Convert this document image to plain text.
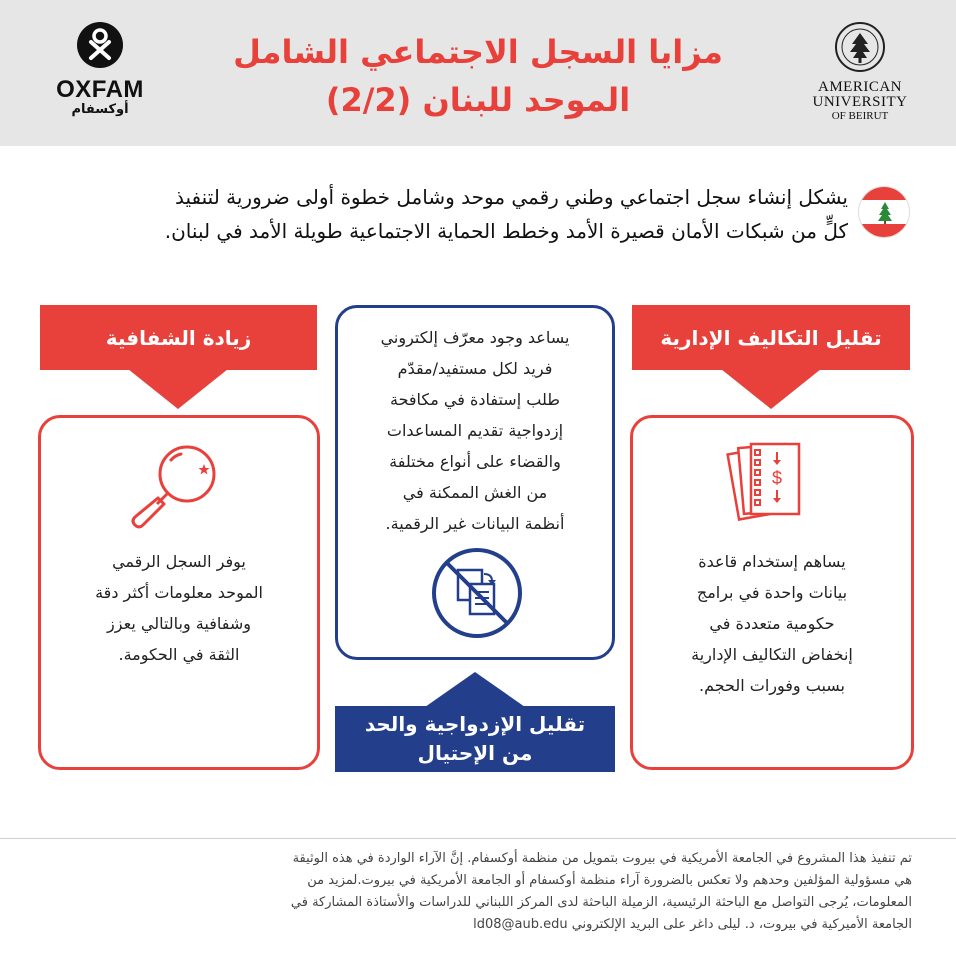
OXFAM
أوكسفام
مزايا السجل الاجتماعي الشامل
الموحد للبنان (2/2)	AMERICAN
UNIVERSITY
OF BEIRUT
يشكل إنشاء سجل اجتماعي وطني رقمي موحد وشامل خطوة أولى ضرورية لتنفيذ
كلٍّ من شبكات الأمان قصيرة الأمد وخطط الحماية الاجتماعية طويلة الأمد في لبنان.
زيادة الشفافية
يوفر السجل الرقمي
الموحد معلومات أكثر دقة
وشفافية وبالتالي يعزز
الثقة في الحكومة.
يساعد وجود معرّف إلكتروني
فريد لكل مستفيد/مقدّم
طلب إستفادة في مكافحة
إزدواجية تقديم المساعدات
والقضاء على أنواع مختلفة
من الغش الممكنة في
أنظمة البيانات غير الرقمية.
تقليل الإزدواجية والحد
من الإحتيال
تقليل التكاليف الإدارية
$
يساهم إستخدام قاعدة
بيانات واحدة في برامج
حكومية متعددة في
إنخفاض التكاليف الإدارية
بسبب وفورات الحجم.
تم تنفيذ هذا المشروع في الجامعة الأمريكية في بيروت بتمويل من منظمة أوكسفام. إنَّ الآراء الواردة في هذه الوثيقة
هي مسؤولية المؤلفين وحدهم ولا تعكس بالضرورة آراء منظمة أوكسفام أو الجامعة الأمريكية في بيروت.لمزيد من
المعلومات، يُرجى التواصل مع الباحثة الرئيسية، الزميلة الباحثة لدى المركز اللبناني للدراسات والأستاذة المشاركة في
الجامعة الأميركية في بيروت، د. ليلى داغر على البريد الإلكتروني ld08@aub.edu
